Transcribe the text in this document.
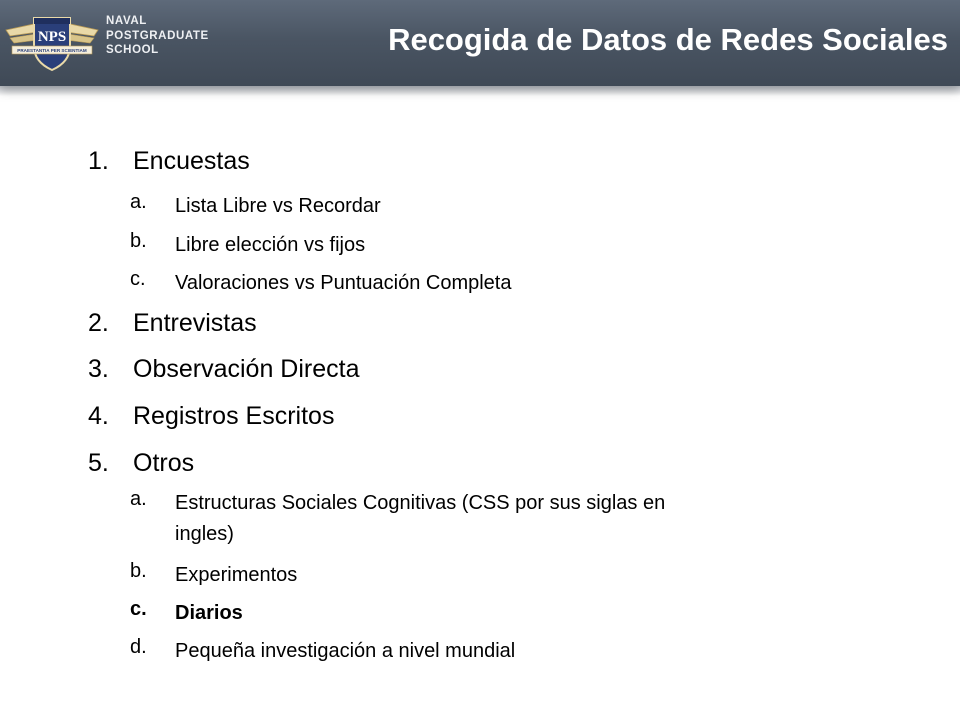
NPS
PRAESTANTIA PER SCIENTIAM
NAVAL
POSTGRADUATE
SCHOOL	Recogida de Datos de Redes Sociales
1. Encuestas
a. Lista Libre vs Recordar
b. Libre elección vs fijos
c. Valoraciones vs Puntuación Completa
2. Entrevistas
3. Observación Directa
4. Registros Escritos
5. Otros
a. Estructuras Sociales Cognitivas (CSS por sus siglas en
ingles)
b. Experimentos
c. Diarios
d. Pequeña investigación a nivel mundial
